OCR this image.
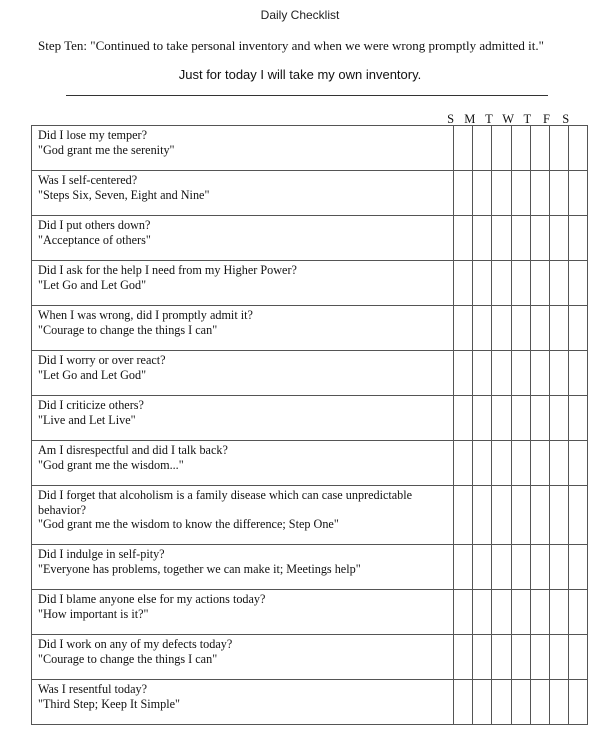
Daily Checklist
Step Ten: "Continued to take personal inventory and when we were wrong promptly admitted it."
Just for today I will take my own inventory.
S M T W T F S
Did I lose my temper?
"God grant me the serenity"							

Was I self-centered?
"Steps Six, Seven, Eight and Nine"							

Did I put others down?
"Acceptance of others"							

Did I ask for the help I need from my Higher Power?
"Let Go and Let God"							

When I was wrong, did I promptly admit it?
"Courage to change the things I can"							

Did I worry or over react?
"Let Go and Let God"							

Did I criticize others?
"Live and Let Live"							

Am I disrespectful and did I talk back?
"God grant me the wisdom..."							

Did I forget that alcoholism is a family disease which can case unpredictable behavior?
"God grant me the wisdom to know the difference; Step One"							

Did I indulge in self-pity?
"Everyone has problems, together we can make it; Meetings help"							

Did I blame anyone else for my actions today?
"How important is it?"							

Did I work on any of my defects today?
"Courage to change the things I can"							

Was I resentful today?
"Third Step; Keep It Simple"							
